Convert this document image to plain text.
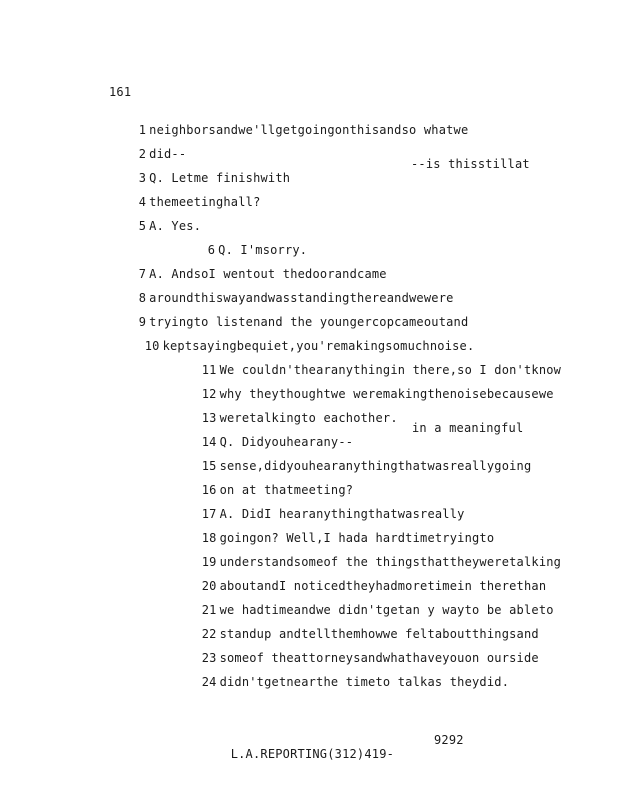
161

1 neighborsandwe'llgetgoingonthisandso whatwe

2 did--

3 Q. Letme finishwith

--is thisstillat

4 themeetinghall?

5 A. Yes.

6 Q. I'msorry.

7 A. AndsoI wentout thedoorandcame

8 aroundthiswayandwasstandingthereandwewere

9 tryingto listenand the youngercopcameoutand

10 keptsayingbequiet,you'remakingsomuchnoise.

11 We couldn'thearanythingin there,so I don'tknow

12 why theythoughtwe weremakingthenoisebecausewe

13 weretalkingto eachother.

14 Q. Didyouhearany--

in a meaningful

15 sense,didyouhearanythingthatwasreallygoing

16 on at thatmeeting?

17 A. DidI hearanythingthatwasreally

18 goingon? Well,I hada hardtimetryingto

19 understandsomeof the thingsthattheyweretalking

20 aboutandI noticedtheyhadmoretimein therethan

21 we hadtimeandwe didn'tgetan y wayto be ableto

22 standup andtellthemhowwe feltaboutthingsand

23 someof theattorneysandwhathaveyouon ourside

24 didn'tgetnearthe timeto talkas theydid.

L.A.REPORTING(312)419-

9292
